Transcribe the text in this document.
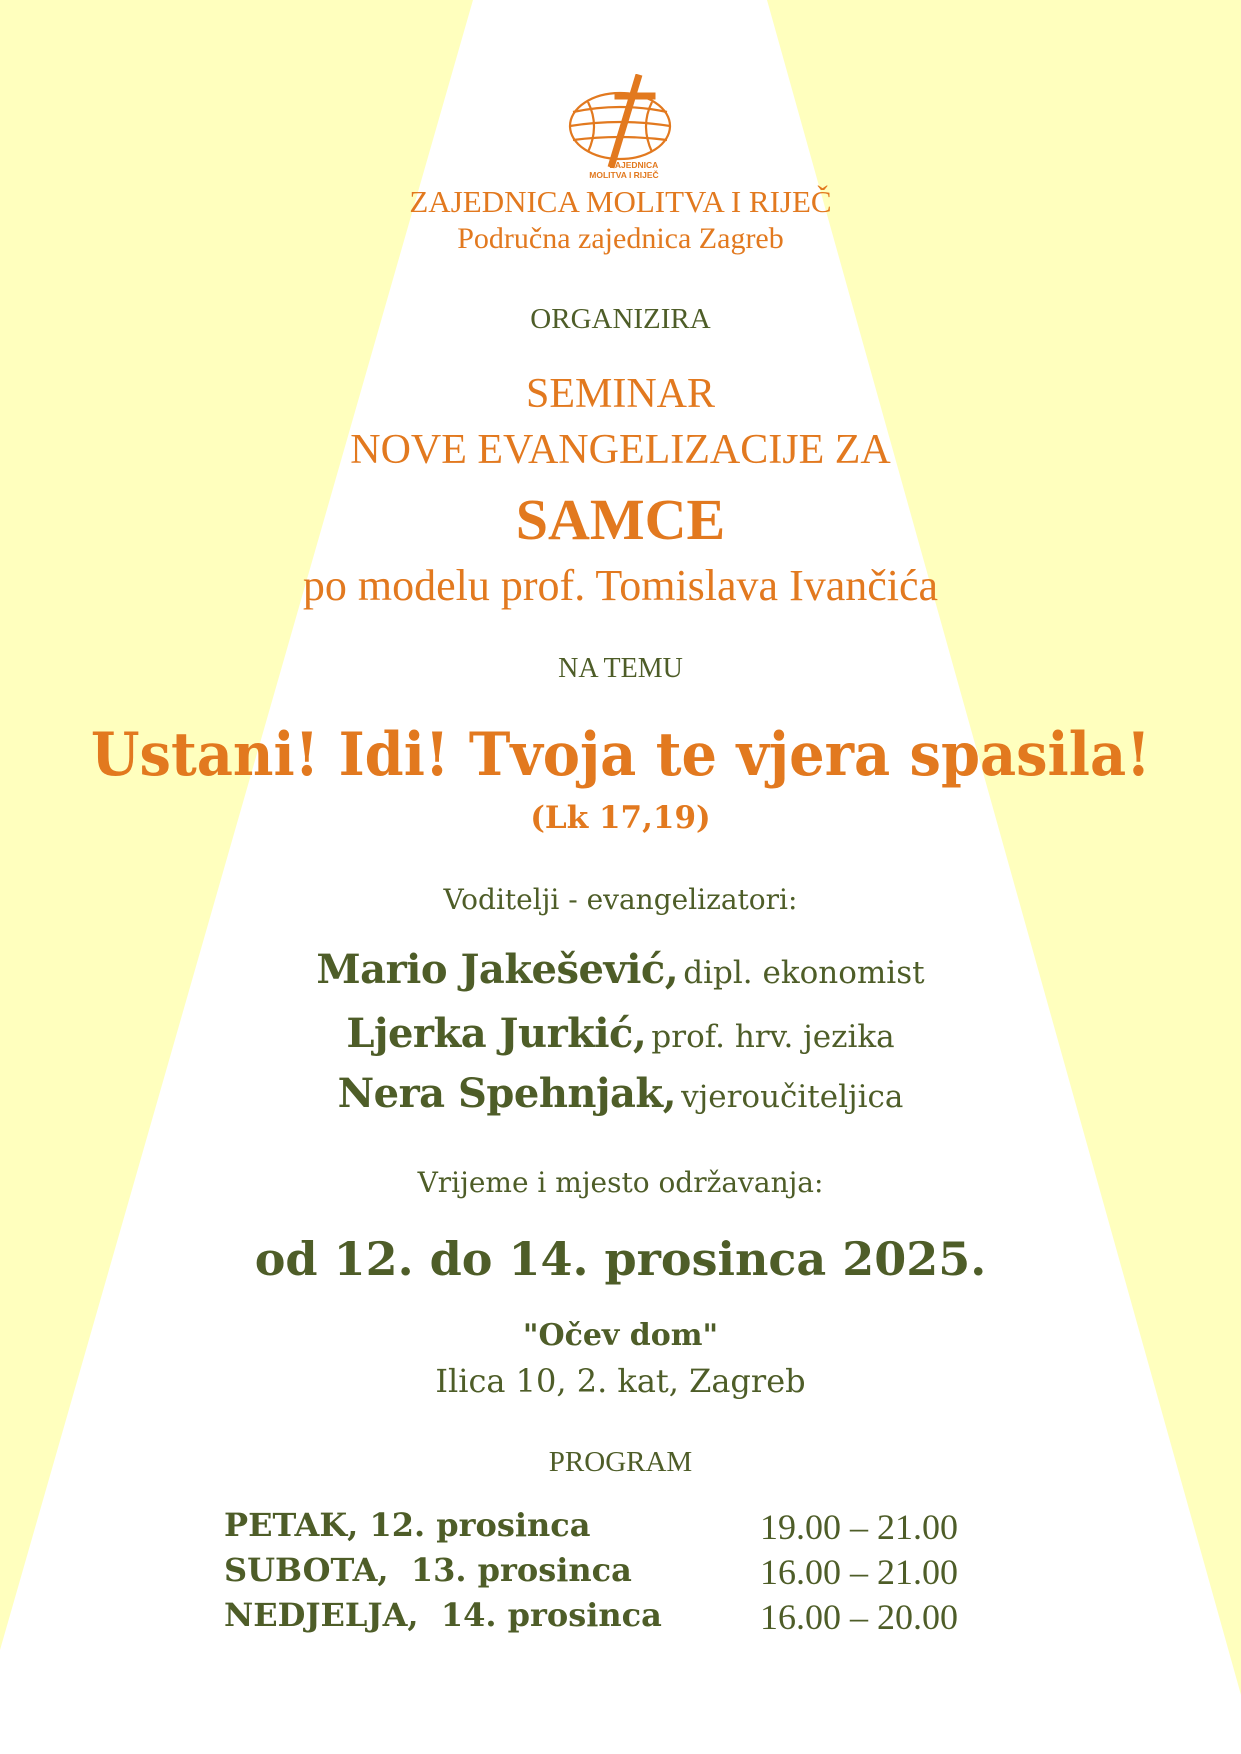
ZAJEDNICA
MOLITVA I RIJEČ

ZAJEDNICA MOLITVA I RIJEČ

Područna zajednica Zagreb

ORGANIZIRA

SEMINAR

NOVE EVANGELIZACIJE ZA

SAMCE

po modelu prof. Tomislava Ivančića

NA TEMU

Ustani! Idi! Tvoja te vjera spasila!

(Lk 17,19)

Voditelji - evangelizatori:

Mario Jakešević, dipl. ekonomist

Ljerka Jurkić, prof. hrv. jezika

Nera Spehnjak, vjeroučiteljica

Vrijeme i mjesto održavanja:

od 12. do 14. prosinca 2025.

"Očev dom"

Ilica 10, 2. kat, Zagreb

PROGRAM

PETAK, 12. prosinca	19.00 – 21.00
SUBOTA,  13. prosinca	16.00 – 21.00
NEDJELJA,  14. prosinca	16.00 – 20.00
